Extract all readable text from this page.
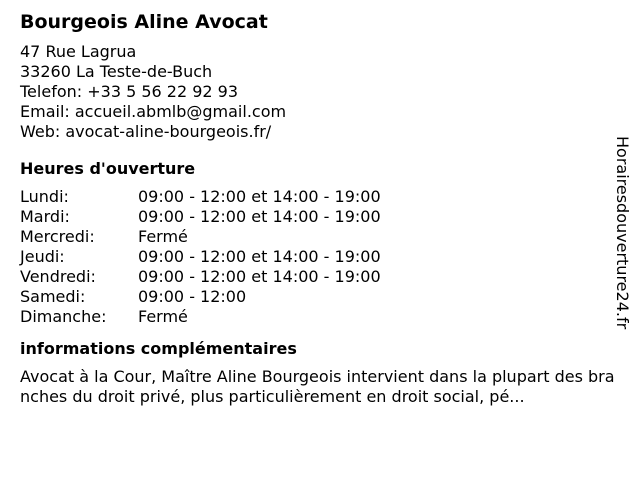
Bourgeois Aline Avocat
47 Rue Lagrua
33260 La Teste-de-Buch
Telefon: +33 5 56 22 92 93
Email: accueil.abmlb@gmail.com
Web: avocat-aline-bourgeois.fr/
Heures d'ouverture
Lundi:	09:00 - 12:00 et 14:00 - 19:00
Mardi:	09:00 - 12:00 et 14:00 - 19:00
Mercredi:	Fermé
Jeudi:	09:00 - 12:00 et 14:00 - 19:00
Vendredi:	09:00 - 12:00 et 14:00 - 19:00
Samedi:	09:00 - 12:00
Dimanche: Fermé
informations complémentaires
Avocat à la Cour, Maître Aline Bourgeois intervient dans la plupart des branches du droit privé, plus particulièrement en droit social, pé...
Horairesdouverture24.fr
